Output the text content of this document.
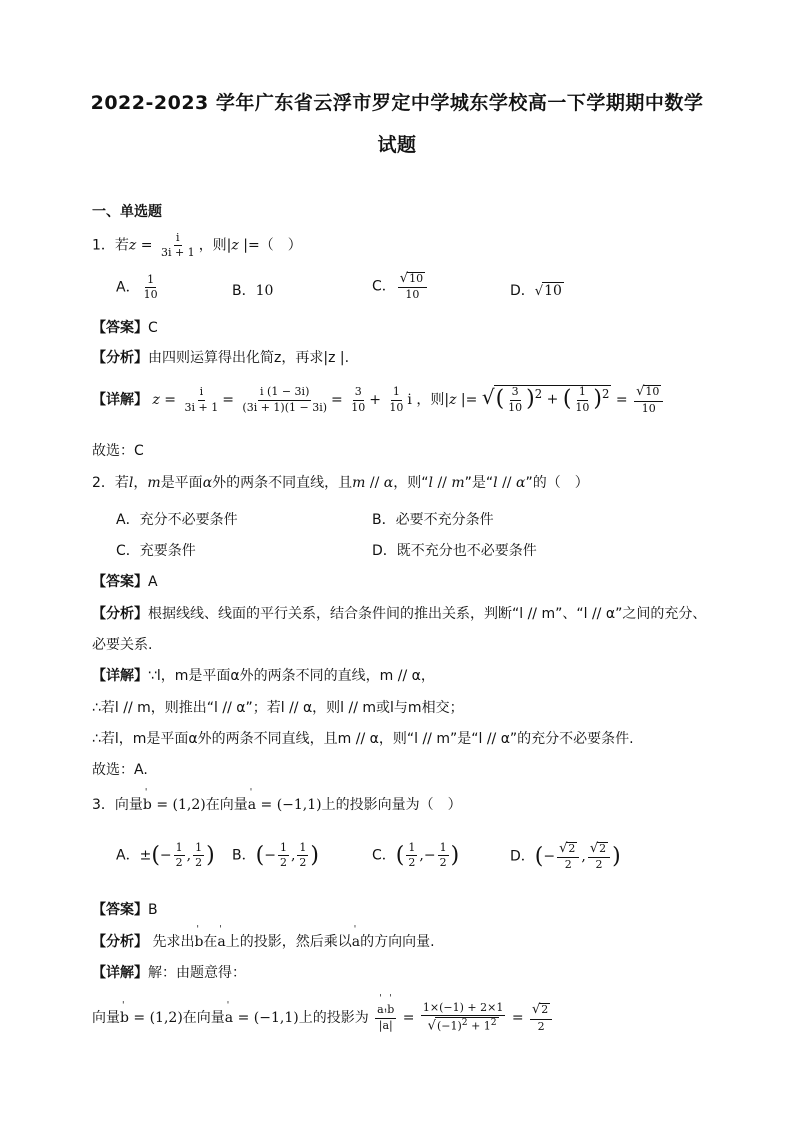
2022-2023 学年广东省云浮市罗定中学城东学校高一下学期期中数学
试题
一、单选题
1．若$z = \frac{i}{3i + 1}$ ，则|z |=（　）
A． $\frac{1}{10}$	B．10	C． $\frac{√10}{10}$	D．√10
【答案】C
【分析】由四则运算得出化简z，再求|z |.
【详解】 $z = \frac{i}{3i + 1} = \frac{i (1 - 3i)}{(3i + 1)(1 - 3i)} = \frac{3}{10} + \frac{1}{10}$ i ，则|z |= √( $\frac{3}{10} )^2$ + ( $\frac{1}{10} )^2 = \frac{√10}{10}$
故选：C
2．若l，m是平面α外的两条不同直线，且m // α，则“l // m”是“l // α”的（　）
A．充分不必要条件	B．必要不充分条件
C．充要条件	D．既不充分也不必要条件
【答案】A
【分析】根据线线、线面的平行关系，结合条件间的推出关系，判断“l // m”、“l // α”之间的充分、
必要关系.
【详解】∵l，m是平面α外的两条不同的直线，m // α，
∴若l // m，则推出“l // α”；若l // α，则l // m或l与m相交；
∴若l，m是平面α外的两条不同直线，且m // α，则“l // m”是“l // α”的充分不必要条件.
故选：A.
3．向量' b = (1,2)在向量' a = (−1,1)上的投影向量为（　）
A．±(− $\frac{1}{2}$ , $\frac{1}{2}$ ) B．(− $\frac{1}{2}$ , $\frac{1}{2}$ )	C．( $\frac{1}{2}$ ,− $\frac{1}{2}$ )	D．(− $\frac{√2}{2}$ , $\frac{√2}{2}$ )
【答案】B
【分析】 先求出' b在' a上的投影，然后乘以' a的方向向量.
【详解】解：由题意得：
向量' b = (1,2)在向量' a = (−1,1)上的投影为
' $\frac{a\cdot' b}{|' a|} = \frac{1\times(-1) + 2\times 1}{√(-1)^2 + 1^2} = \frac{√2}{2}$
